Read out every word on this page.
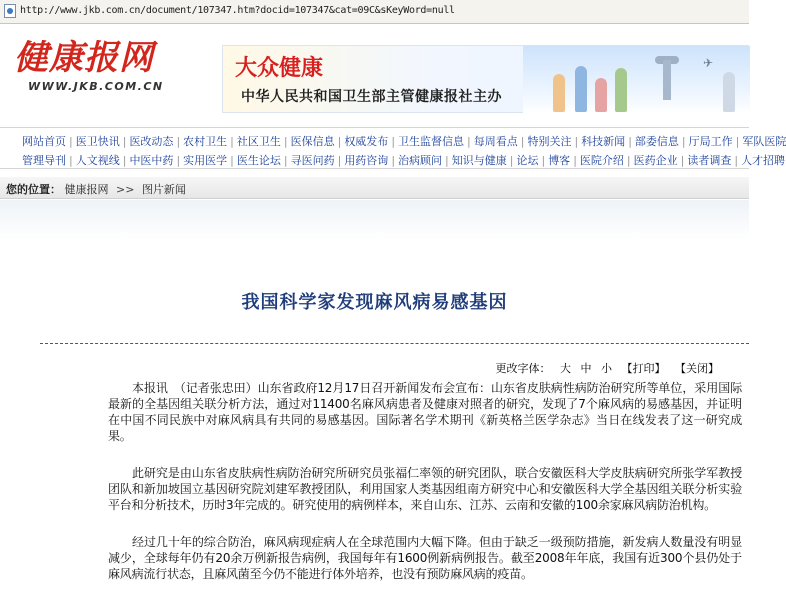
http://www.jkb.com.cn/document/107347.htm?docid=107347&cat=09C&sKeyWord=null
健康报网
WWW.JKB.COM.CN
✈
大众健康
中华人民共和国卫生部主管健康报社主办
网站首页 | 医卫快讯 | 医改动态 | 农村卫生 | 社区卫生 | 医保信息 | 权威发布 | 卫生监督信息 | 每周看点 | 特别关注 | 科技新闻 | 部委信息 | 厅局工作 | 军队医院
管理导刊 | 人文视线 | 中医中药 | 实用医学 | 医生论坛 | 寻医问药 | 用药咨询 | 治病顾问 | 知识与健康 | 论坛 | 博客 | 医院介绍 | 医药企业 | 读者调查 | 人才招聘
您的位置： 健康报网 >> 图片新闻
我国科学家发现麻风病易感基因
更改字体： 大 中 小 【打印】 【关闭】

本报讯　（记者张忠田）山东省政府12月17日召开新闻发布会宣布：山东省皮肤病性病防治研究所等单位，采用国际最新的全基因组关联分析方法，通过对11400名麻风病患者及健康对照者的研究，发现了7个麻风病的易感基因，并证明在中国不同民族中对麻风病具有共同的易感基因。国际著名学术期刊《新英格兰医学杂志》当日在线发表了这一研究成果。

此研究是由山东省皮肤病性病防治研究所研究员张福仁率领的研究团队，联合安徽医科大学皮肤病研究所张学军教授团队和新加坡国立基因研究院刘建军教授团队，利用国家人类基因组南方研究中心和安徽医科大学全基因组关联分析实验平台和分析技术，历时3年完成的。研究使用的病例样本，来自山东、江苏、云南和安徽的100余家麻风病防治机构。

经过几十年的综合防治，麻风病现症病人在全球范围内大幅下降。但由于缺乏一级预防措施，新发病人数量没有明显减少，全球每年仍有20余万例新报告病例，我国每年有1600例新病例报告。截至2008年年底，我国有近300个县仍处于麻风病流行状态，且麻风菌至今仍不能进行体外培养，也没有预防麻风病的疫苗。
